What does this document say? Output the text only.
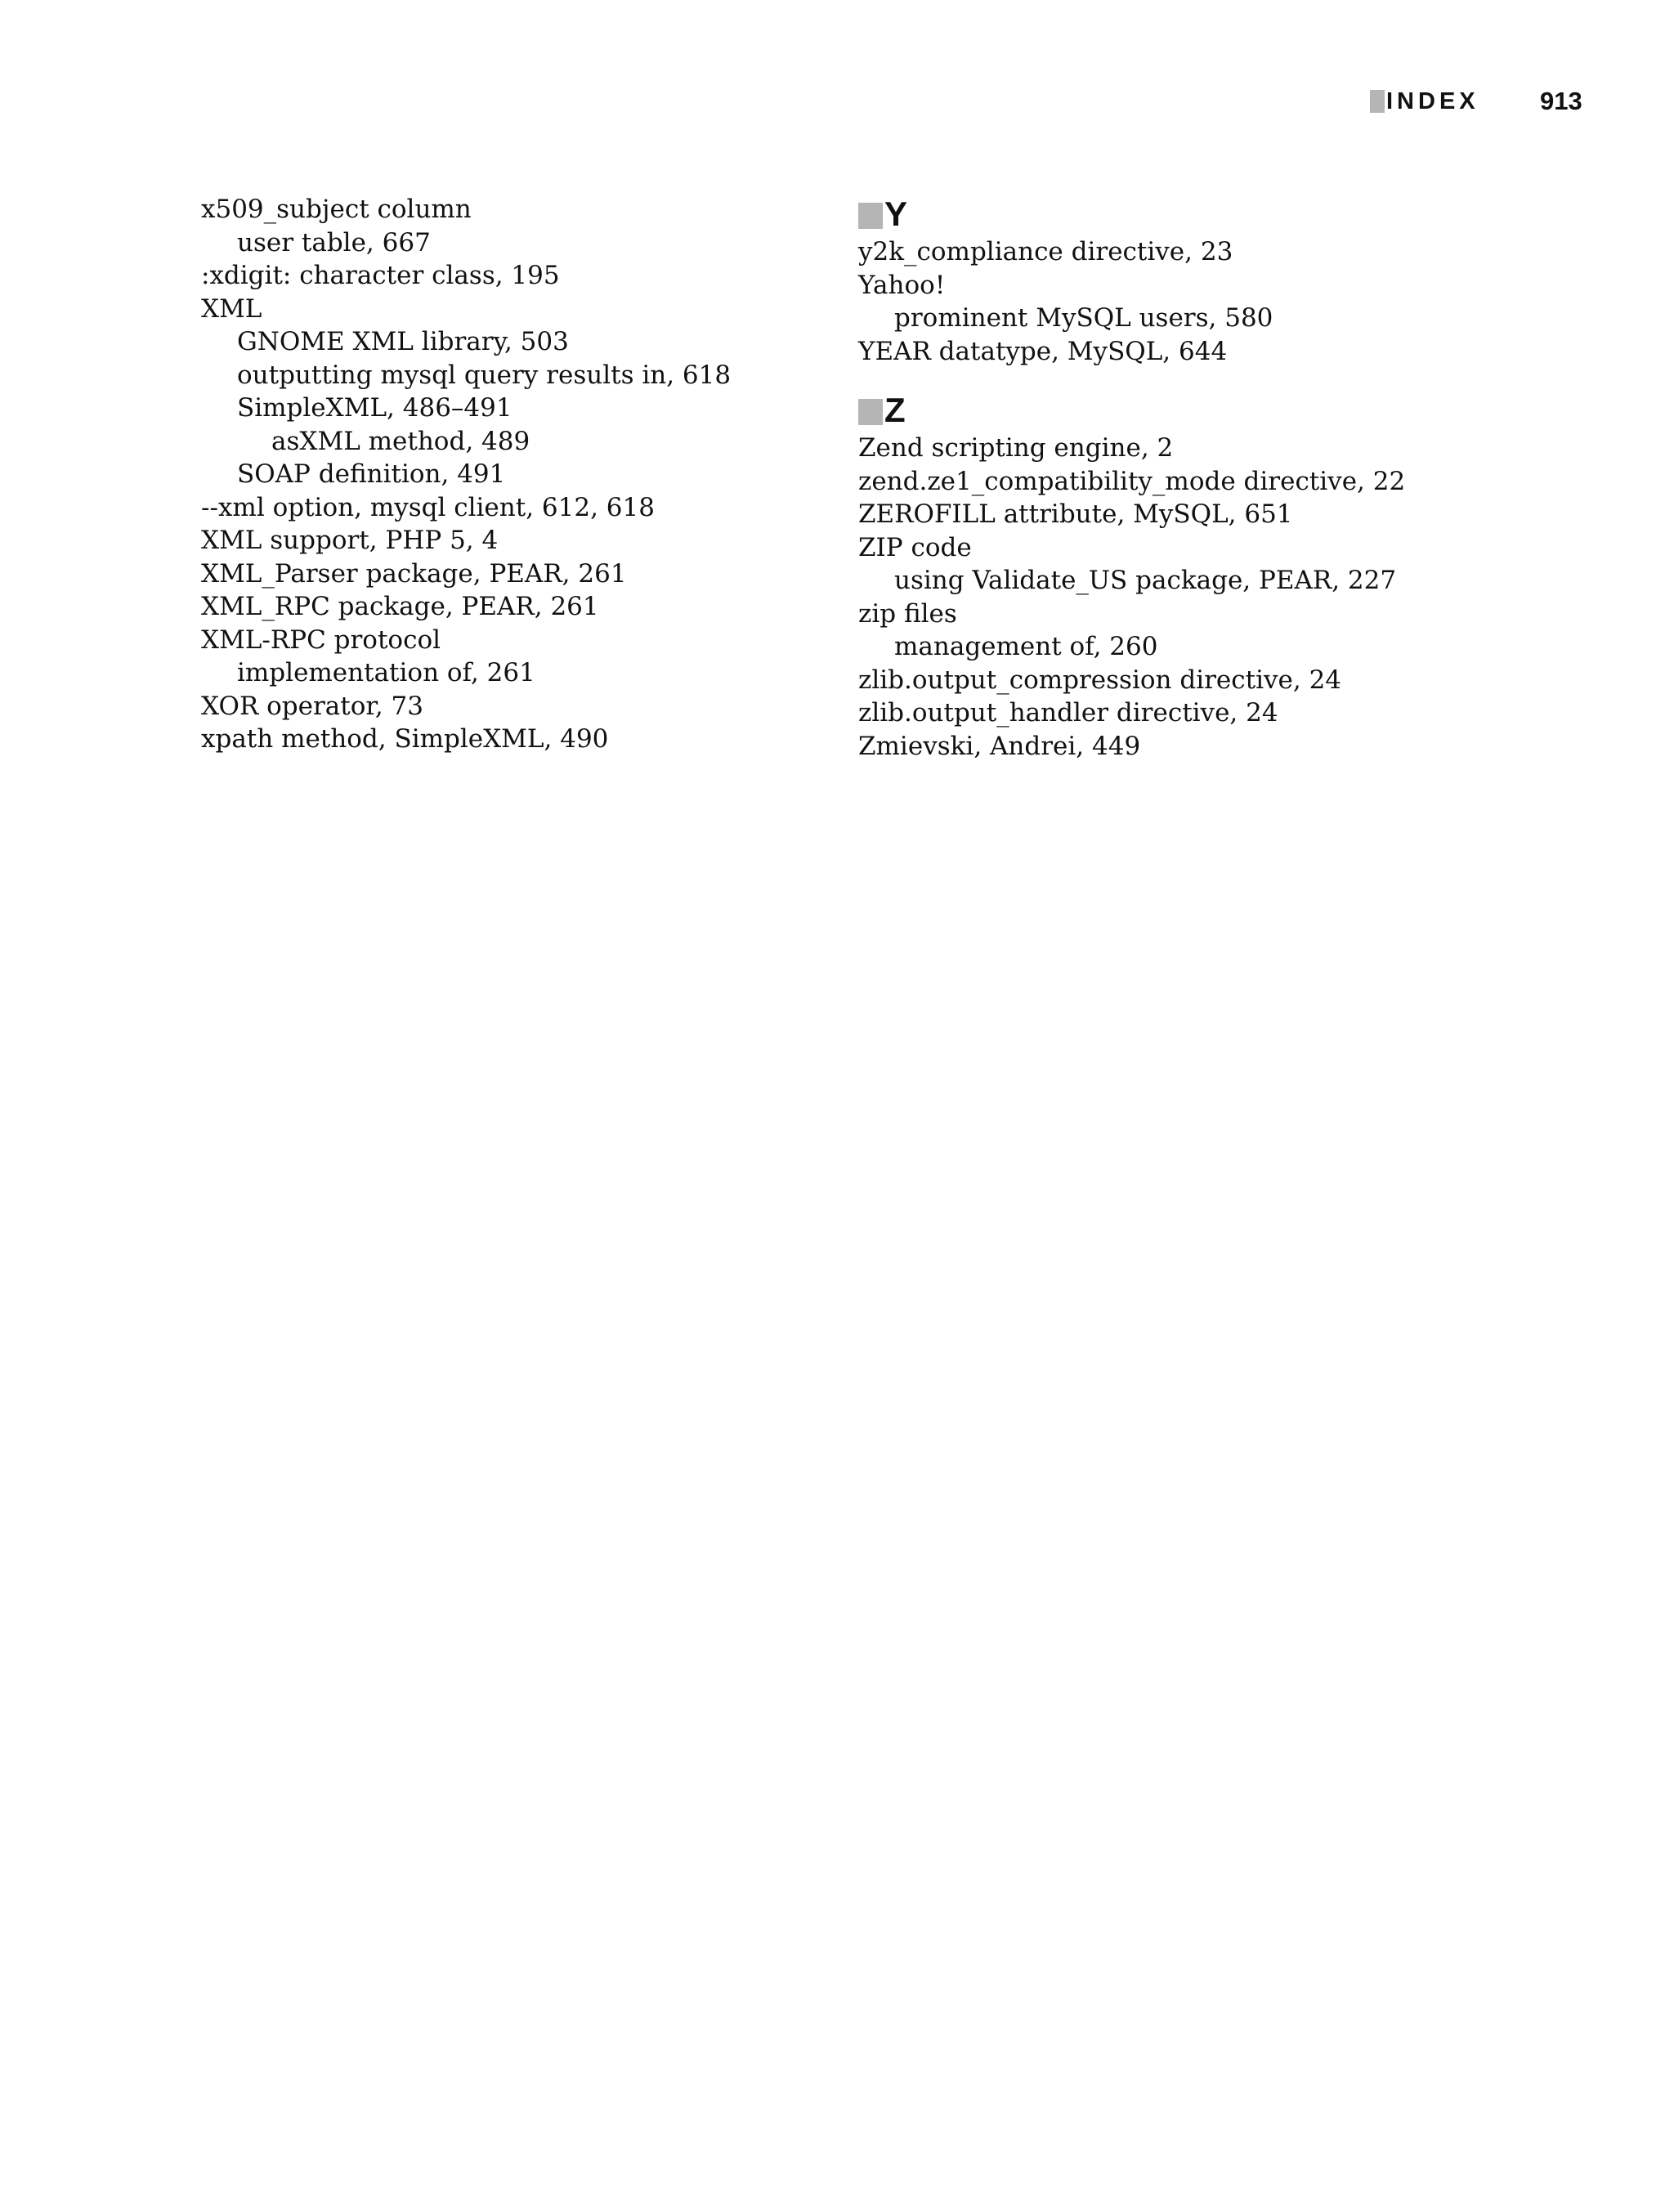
INDEX 913
x509_subject column
user table, 667
:xdigit: character class, 195
XML
GNOME XML library, 503
outputting mysql query results in, 618
SimpleXML, 486–491
asXML method, 489
SOAP definition, 491
--xml option, mysql client, 612, 618
XML support, PHP 5, 4
XML_Parser package, PEAR, 261
XML_RPC package, PEAR, 261
XML-RPC protocol
implementation of, 261
XOR operator, 73
xpath method, SimpleXML, 490
Y
y2k_compliance directive, 23
Yahoo!
prominent MySQL users, 580
YEAR datatype, MySQL, 644
Z
Zend scripting engine, 2
zend.ze1_compatibility_mode directive, 22
ZEROFILL attribute, MySQL, 651
ZIP code
using Validate_US package, PEAR, 227
zip files
management of, 260
zlib.output_compression directive, 24
zlib.output_handler directive, 24
Zmievski, Andrei, 449
